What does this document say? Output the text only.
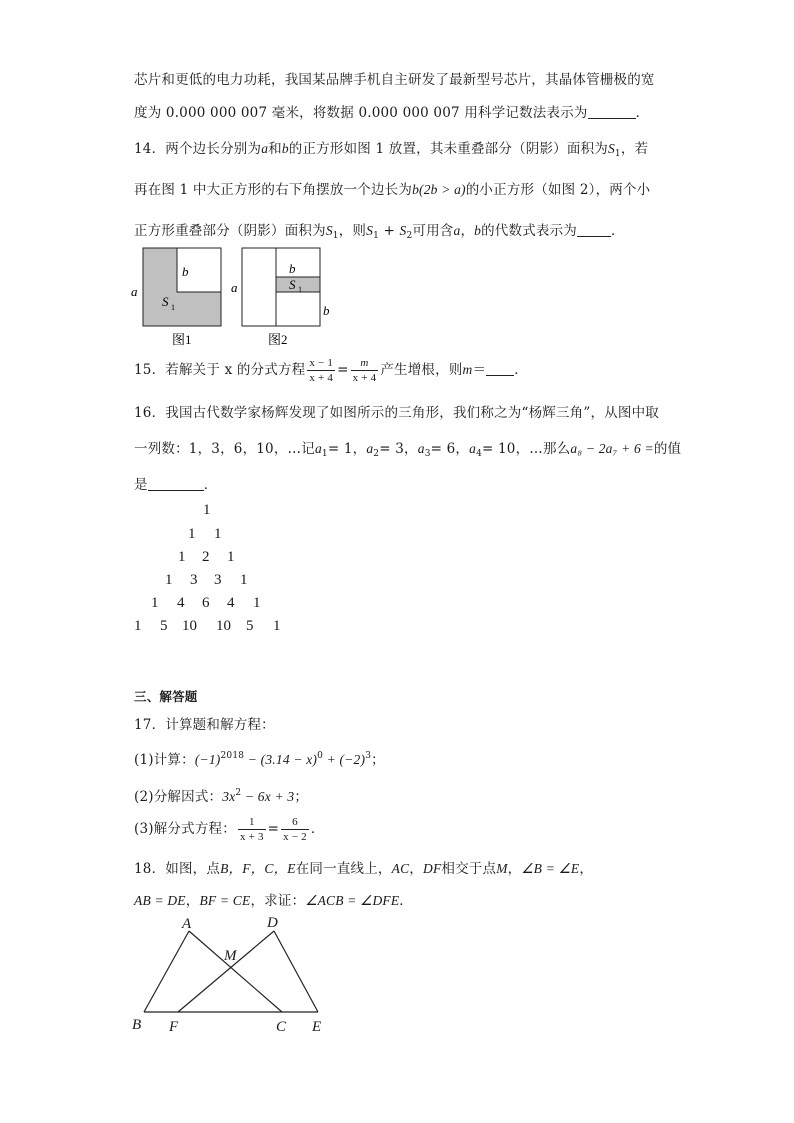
芯片和更低的电力功耗，我国某品牌手机自主研发了最新型号芯片，其晶体管栅极的宽
度为 0.000 000 007 毫米，将数据 0.000 000 007 用科学记数法表示为	．
14．两个边长分别为a和b的正方形如图 1 放置，其未重叠部分（阴影）面积为$S_1$，若
再在图 1 中大正方形的右下角摆放一个边长为b(2b > a)的小正方形（如图 2），两个小
正方形重叠部分（阴影）面积为$S_1$，则$S_1 + S_2$可用含a，b的代数式表示为	．
a
b
S 1
图1
a
b
S 1
b
图2
15．若解关于 x 的分式方程 $\frac{x - 1}{x + 4} = \frac{m}{x + 4}$ 产生增根，则m＝ ．
16．我国古代数学家杨辉发现了如图所示的三角形，我们称之为“杨辉三角”，从图中取
一列数：1，3，6，10，…记$a_1= 1$，$a_2= 3$，$a_3= 6$，$a_4= 10$，…那么a₈ − 2a₇ + 6 =的值
是	．
1
1 1
1 2 1
1 3 3 1
1 4 6 4 1
1 5 10 10 5 1
三、解答题
17．计算题和解方程：
(1)计算：$(-1)^{2018} - (3.14 - x)^0 + (-2)^3$；
(2)分解因式：$3x^2 - 6x + 3$；
(3)解分式方程： $\frac{1}{x + 3} = \frac{6}{x - 2}$ ．
18．如图，点B，F，C，E在同一直线上，AC，DF相交于点M，∠B = ∠E，
AB = DE，BF = CE，求证：∠ACB = ∠DFE．
A	D
M
B F	C E
